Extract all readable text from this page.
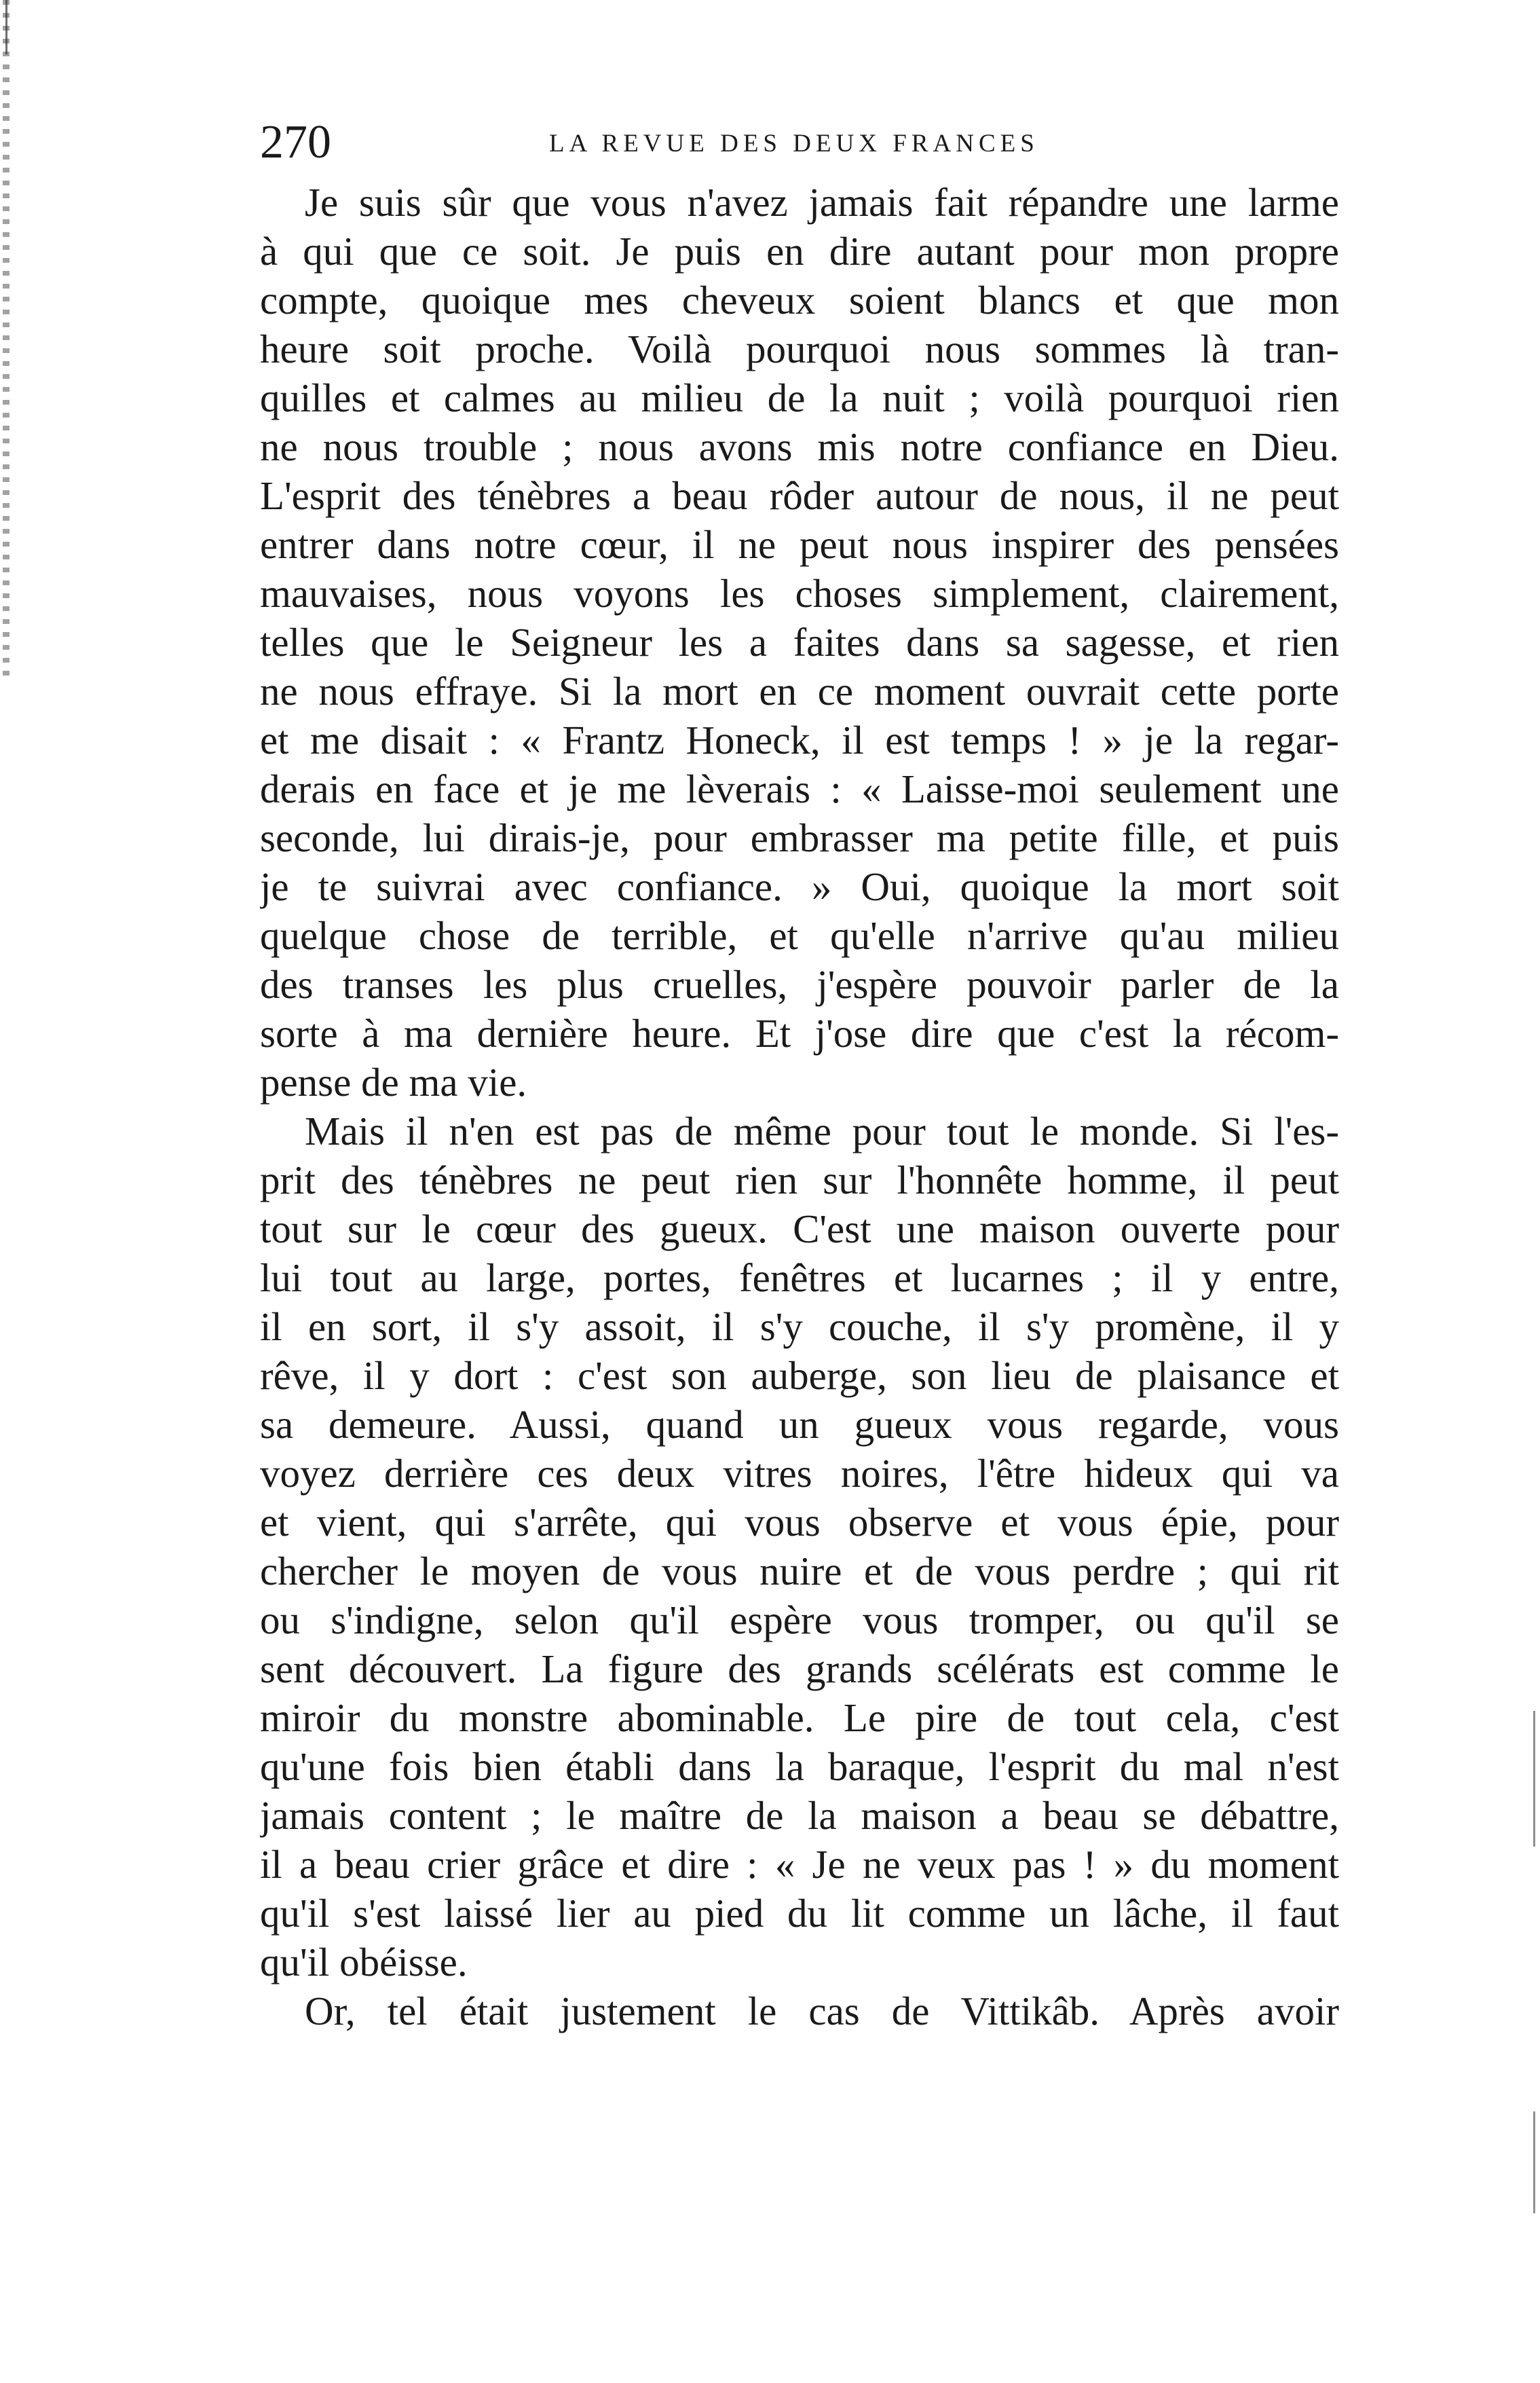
270	LA REVUE DES DEUX FRANCES
Je suis sûr que vous n'avez jamais fait répandre une larme
à qui que ce soit. Je puis en dire autant pour mon propre
compte, quoique mes cheveux soient blancs et que mon
heure soit proche. Voilà pourquoi nous sommes là tran-
quilles et calmes au milieu de la nuit ; voilà pourquoi rien
ne nous trouble ; nous avons mis notre confiance en Dieu.
L'esprit des ténèbres a beau rôder autour de nous, il ne peut
entrer dans notre cœur, il ne peut nous inspirer des pensées
mauvaises, nous voyons les choses simplement, clairement,
telles que le Seigneur les a faites dans sa sagesse, et rien
ne nous effraye. Si la mort en ce moment ouvrait cette porte
et me disait : « Frantz Honeck, il est temps ! » je la regar-
derais en face et je me lèverais : « Laisse-moi seulement une
seconde, lui dirais-je, pour embrasser ma petite fille, et puis
je te suivrai avec confiance. » Oui, quoique la mort soit
quelque chose de terrible, et qu'elle n'arrive qu'au milieu
des transes les plus cruelles, j'espère pouvoir parler de la
sorte à ma dernière heure. Et j'ose dire que c'est la récom-
pense de ma vie.
Mais il n'en est pas de même pour tout le monde. Si l'es-
prit des ténèbres ne peut rien sur l'honnête homme, il peut
tout sur le cœur des gueux. C'est une maison ouverte pour
lui tout au large, portes, fenêtres et lucarnes ; il y entre,
il en sort, il s'y assoit, il s'y couche, il s'y promène, il y
rêve, il y dort : c'est son auberge, son lieu de plaisance et
sa demeure. Aussi, quand un gueux vous regarde, vous
voyez derrière ces deux vitres noires, l'être hideux qui va
et vient, qui s'arrête, qui vous observe et vous épie, pour
chercher le moyen de vous nuire et de vous perdre ; qui rit
ou s'indigne, selon qu'il espère vous tromper, ou qu'il se
sent découvert. La figure des grands scélérats est comme le
miroir du monstre abominable. Le pire de tout cela, c'est
qu'une fois bien établi dans la baraque, l'esprit du mal n'est
jamais content ; le maître de la maison a beau se débattre,
il a beau crier grâce et dire : « Je ne veux pas ! » du moment
qu'il s'est laissé lier au pied du lit comme un lâche, il faut
qu'il obéisse.
Or, tel était justement le cas de Vittikâb. Après avoir
